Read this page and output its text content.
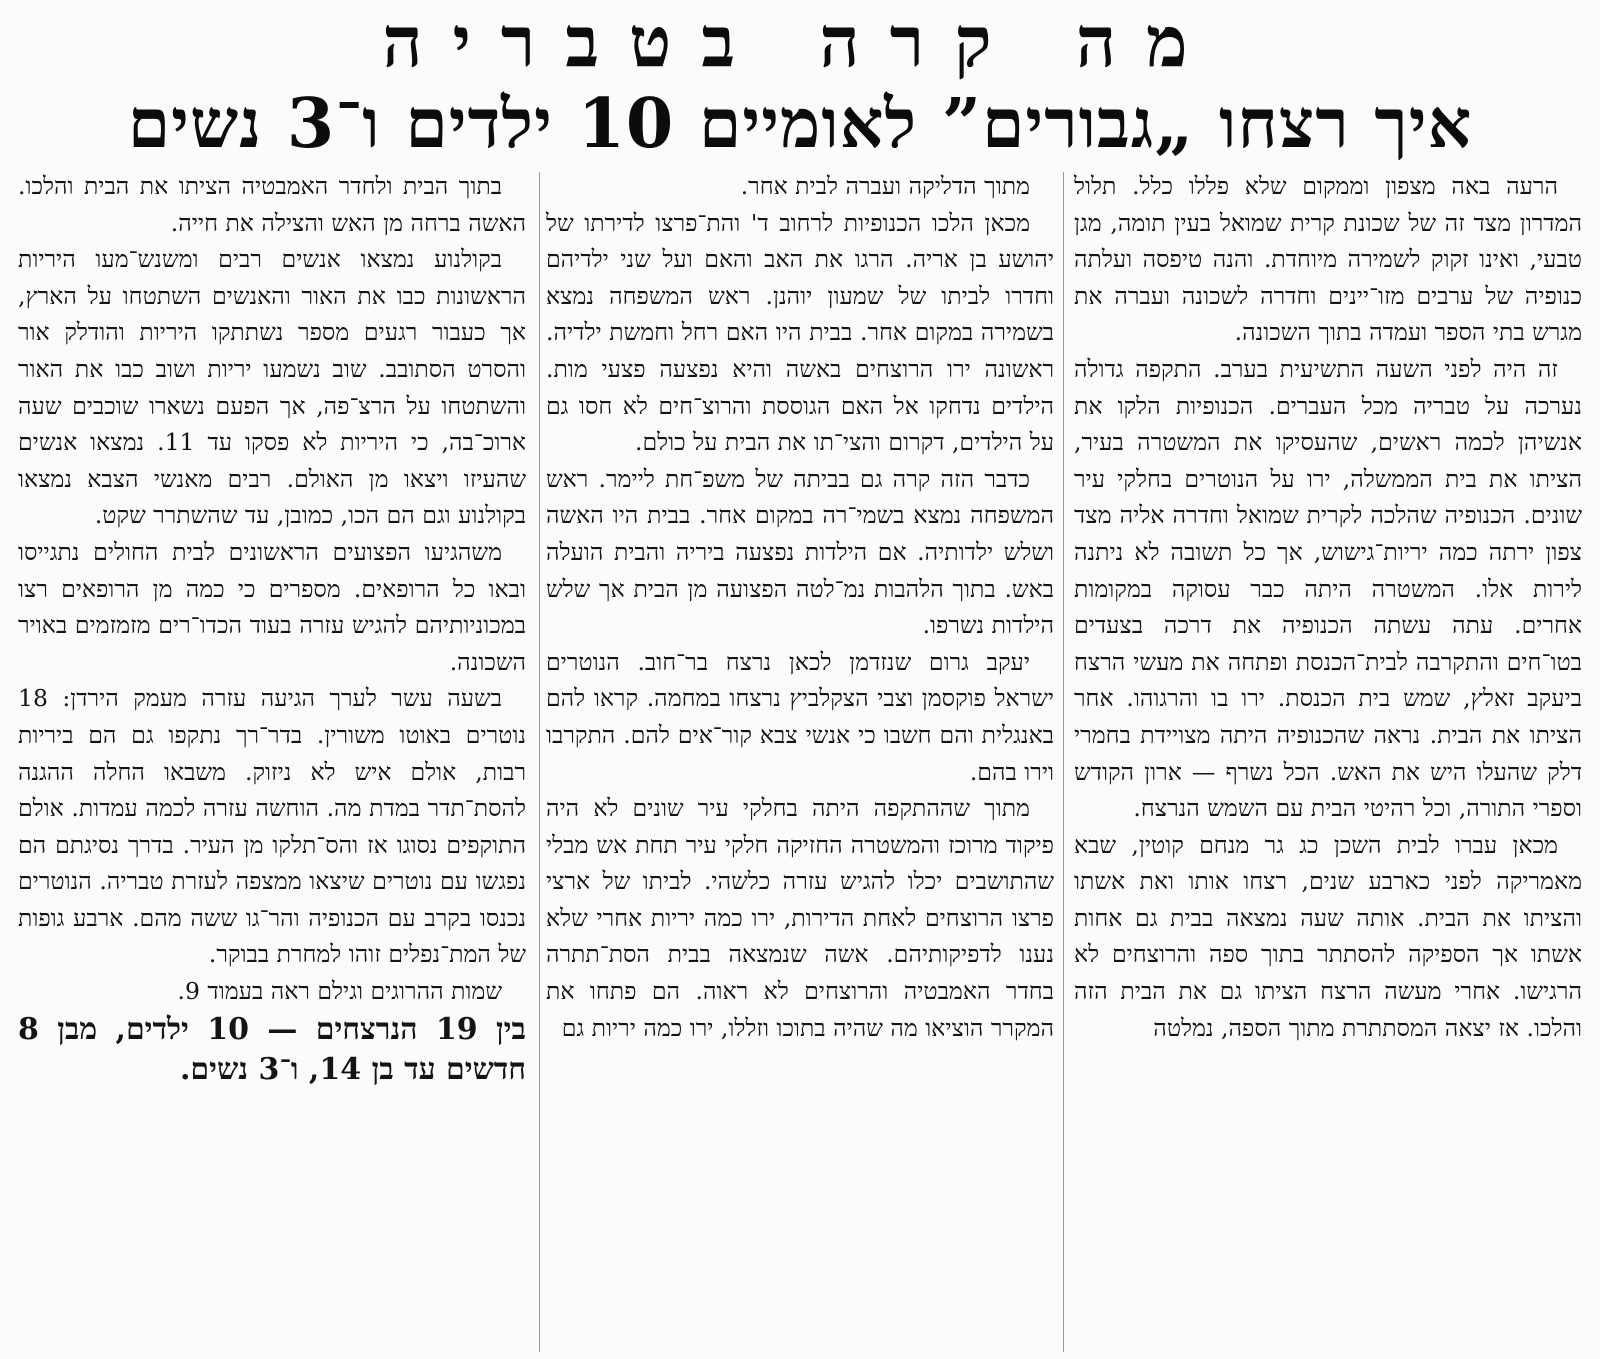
מה קרה בטבריה
איך רצחו „גבורים” לאומיים 10 ילדים ו־3 נשים

הרעה באה מצפון וממקום שלא פללו כלל. תלול המדרון מצד זה של שכונת קרית שמואל בעין תומה, מגן טבעי, ואינו זקוק לשמירה מיוחדת. והנה טיפסה ועלתה כנופיה של ערבים מזו־יינים וחדרה לשכונה ועברה את מגרש בתי הספר ועמדה בתוך השכונה.

זה היה לפני השעה התשיעית בערב. התקפה גדולה נערכה על טבריה מכל העברים. הכנופיות הלקו את אנשיהן לכמה ראשים, שהעסיקו את המשטרה בעיר, הציתו את בית הממשלה, ירו על הנוטרים בחלקי עיר שונים. הכנופיה שהלכה לקרית שמואל וחדרה אליה מצד צפון ירתה כמה יריות־גישוש, אך כל תשובה לא ניתנה לירות אלו. המשטרה היתה כבר עסוקה במקומות אחרים. עתה עשתה הכנופיה את דרכה בצעדים בטו־חים והתקרבה לבית־הכנסת ופתחה את מעשי הרצח ביעקב זאלץ, שמש בית הכנסת. ירו בו והרגוהו. אחר הציתו את הבית. נראה שהכנופיה היתה מצויידת בחמרי דלק שהעלו היש את האש. הכל נשרף — ארון הקודש וספרי התורה, וכל רהיטי הבית עם השמש הנרצח.

מכאן עברו לבית השכן כג גר מנחם קוטין, שבא מאמריקה לפני כארבע שנים, רצחו אותו ואת אשתו והציתו את הבית. אותה שעה נמצאה בבית גם אחות אשתו אך הספיקה להסתתר בתוך ספה והרוצחים לא הרגישו. אחרי מעשה הרצח הציתו גם את הבית הזה והלכו. אז יצאה המסתתרת מתוך הספה, נמלטה

מתוך הדליקה ועברה לבית אחר.

מכאן הלכו הכנופיות לרחוב ד' והת־פרצו לדירתו של יהושע בן אריה. הרגו את האב והאם ועל שני ילדיהם וחדרו לביתו של שמעון יוהנן. ראש המשפחה נמצא בשמירה במקום אחר. בבית היו האם רחל וחמשת ילדיה. ראשונה ירו הרוצחים באשה והיא נפצעה פצעי מות. הילדים נדחקו אל האם הגוססת והרוצ־חים לא חסו גם על הילדים, דקרום והצי־תו את הבית על כולם.

כדבר הזה קרה גם בביתה של משפ־חת ליימר. ראש המשפחה נמצא בשמי־רה במקום אחר. בבית היו האשה ושלש ילדותיה. אם הילדות נפצעה ביריה והבית הועלה באש. בתוך הלהבות נמ־לטה הפצועה מן הבית אך שלש הילדות נשרפו.

יעקב גרום שנזדמן לכאן נרצח בר־חוב. הנוטרים ישראל פוקסמן וצבי הצקלביץ נרצחו במחמה. קראו להם באנגלית והם חשבו כי אנשי צבא קור־אים להם. התקרבו וירו בהם.

מתוך שההתקפה היתה בחלקי עיר שונים לא היה פיקוד מרוכז והמשטרה החזיקה חלקי עיר תחת אש מבלי שהתושבים יכלו להגיש עזרה כלשהי. לביתו של ארצי פרצו הרוצחים לאחת הדירות, ירו כמה יריות אחרי שלא נענו לדפיקותיהם. אשה שנמצאה בבית הסת־תתרה בחדר האמבטיה והרוצחים לא ראוה. הם פתחו את המקרר הוציאו מה שהיה בתוכו וזללו, ירו כמה יריות גם

בתוך הבית ולחדר האמבטיה הציתו את הבית והלכו. האשה ברחה מן האש והצילה את חייה.

בקולנוע נמצאו אנשים רבים ומשנש־מעו היריות הראשונות כבו את האור והאנשים השתטחו על הארץ, אך כעבור רגעים מספר נשתתקו היריות והודלק אור והסרט הסתובב. שוב נשמעו יריות ושוב כבו את האור והשתטחו על הרצ־פה, אך הפעם נשארו שוכבים שעה ארוכ־בה, כי היריות לא פסקו עד 11. נמצאו אנשים שהעיזו ויצאו מן האולם. רבים מאנשי הצבא נמצאו בקולנוע וגם הם הכו, כמובן, עד שהשתרר שקט.

משהגיעו הפצועים הראשונים לבית החולים נתגייסו ובאו כל הרופאים. מספרים כי כמה מן הרופאים רצו במכוניותיהם להגיש עזרה בעוד הכדו־רים מזמזמים באויר השכונה.

בשעה עשר לערך הגיעה עזרה מעמק הירדן: 18 נוטרים באוטו משורין. בדר־רך נתקפו גם הם ביריות רבות, אולם איש לא ניזוק. משבאו החלה ההגנה להסת־תדר במדת מה. הוחשה עזרה לכמה עמדות. אולם התוקפים נסוגו אז והס־תלקו מן העיר. בדרך נסיגתם הם נפגשו עם נוטרים שיצאו ממצפה לעזרת טבריה. הנוטרים נכנסו בקרב עם הכנופיה והר־גו ששה מהם. ארבע גופות של המת־נפלים זוהו למחרת בבוקר.

שמות ההרוגים וגילם ראה בעמוד 9.

בין 19 הנרצחים — 10 ילדים, מבן 8 חדשים עד בן 14, ו־3 נשים.
